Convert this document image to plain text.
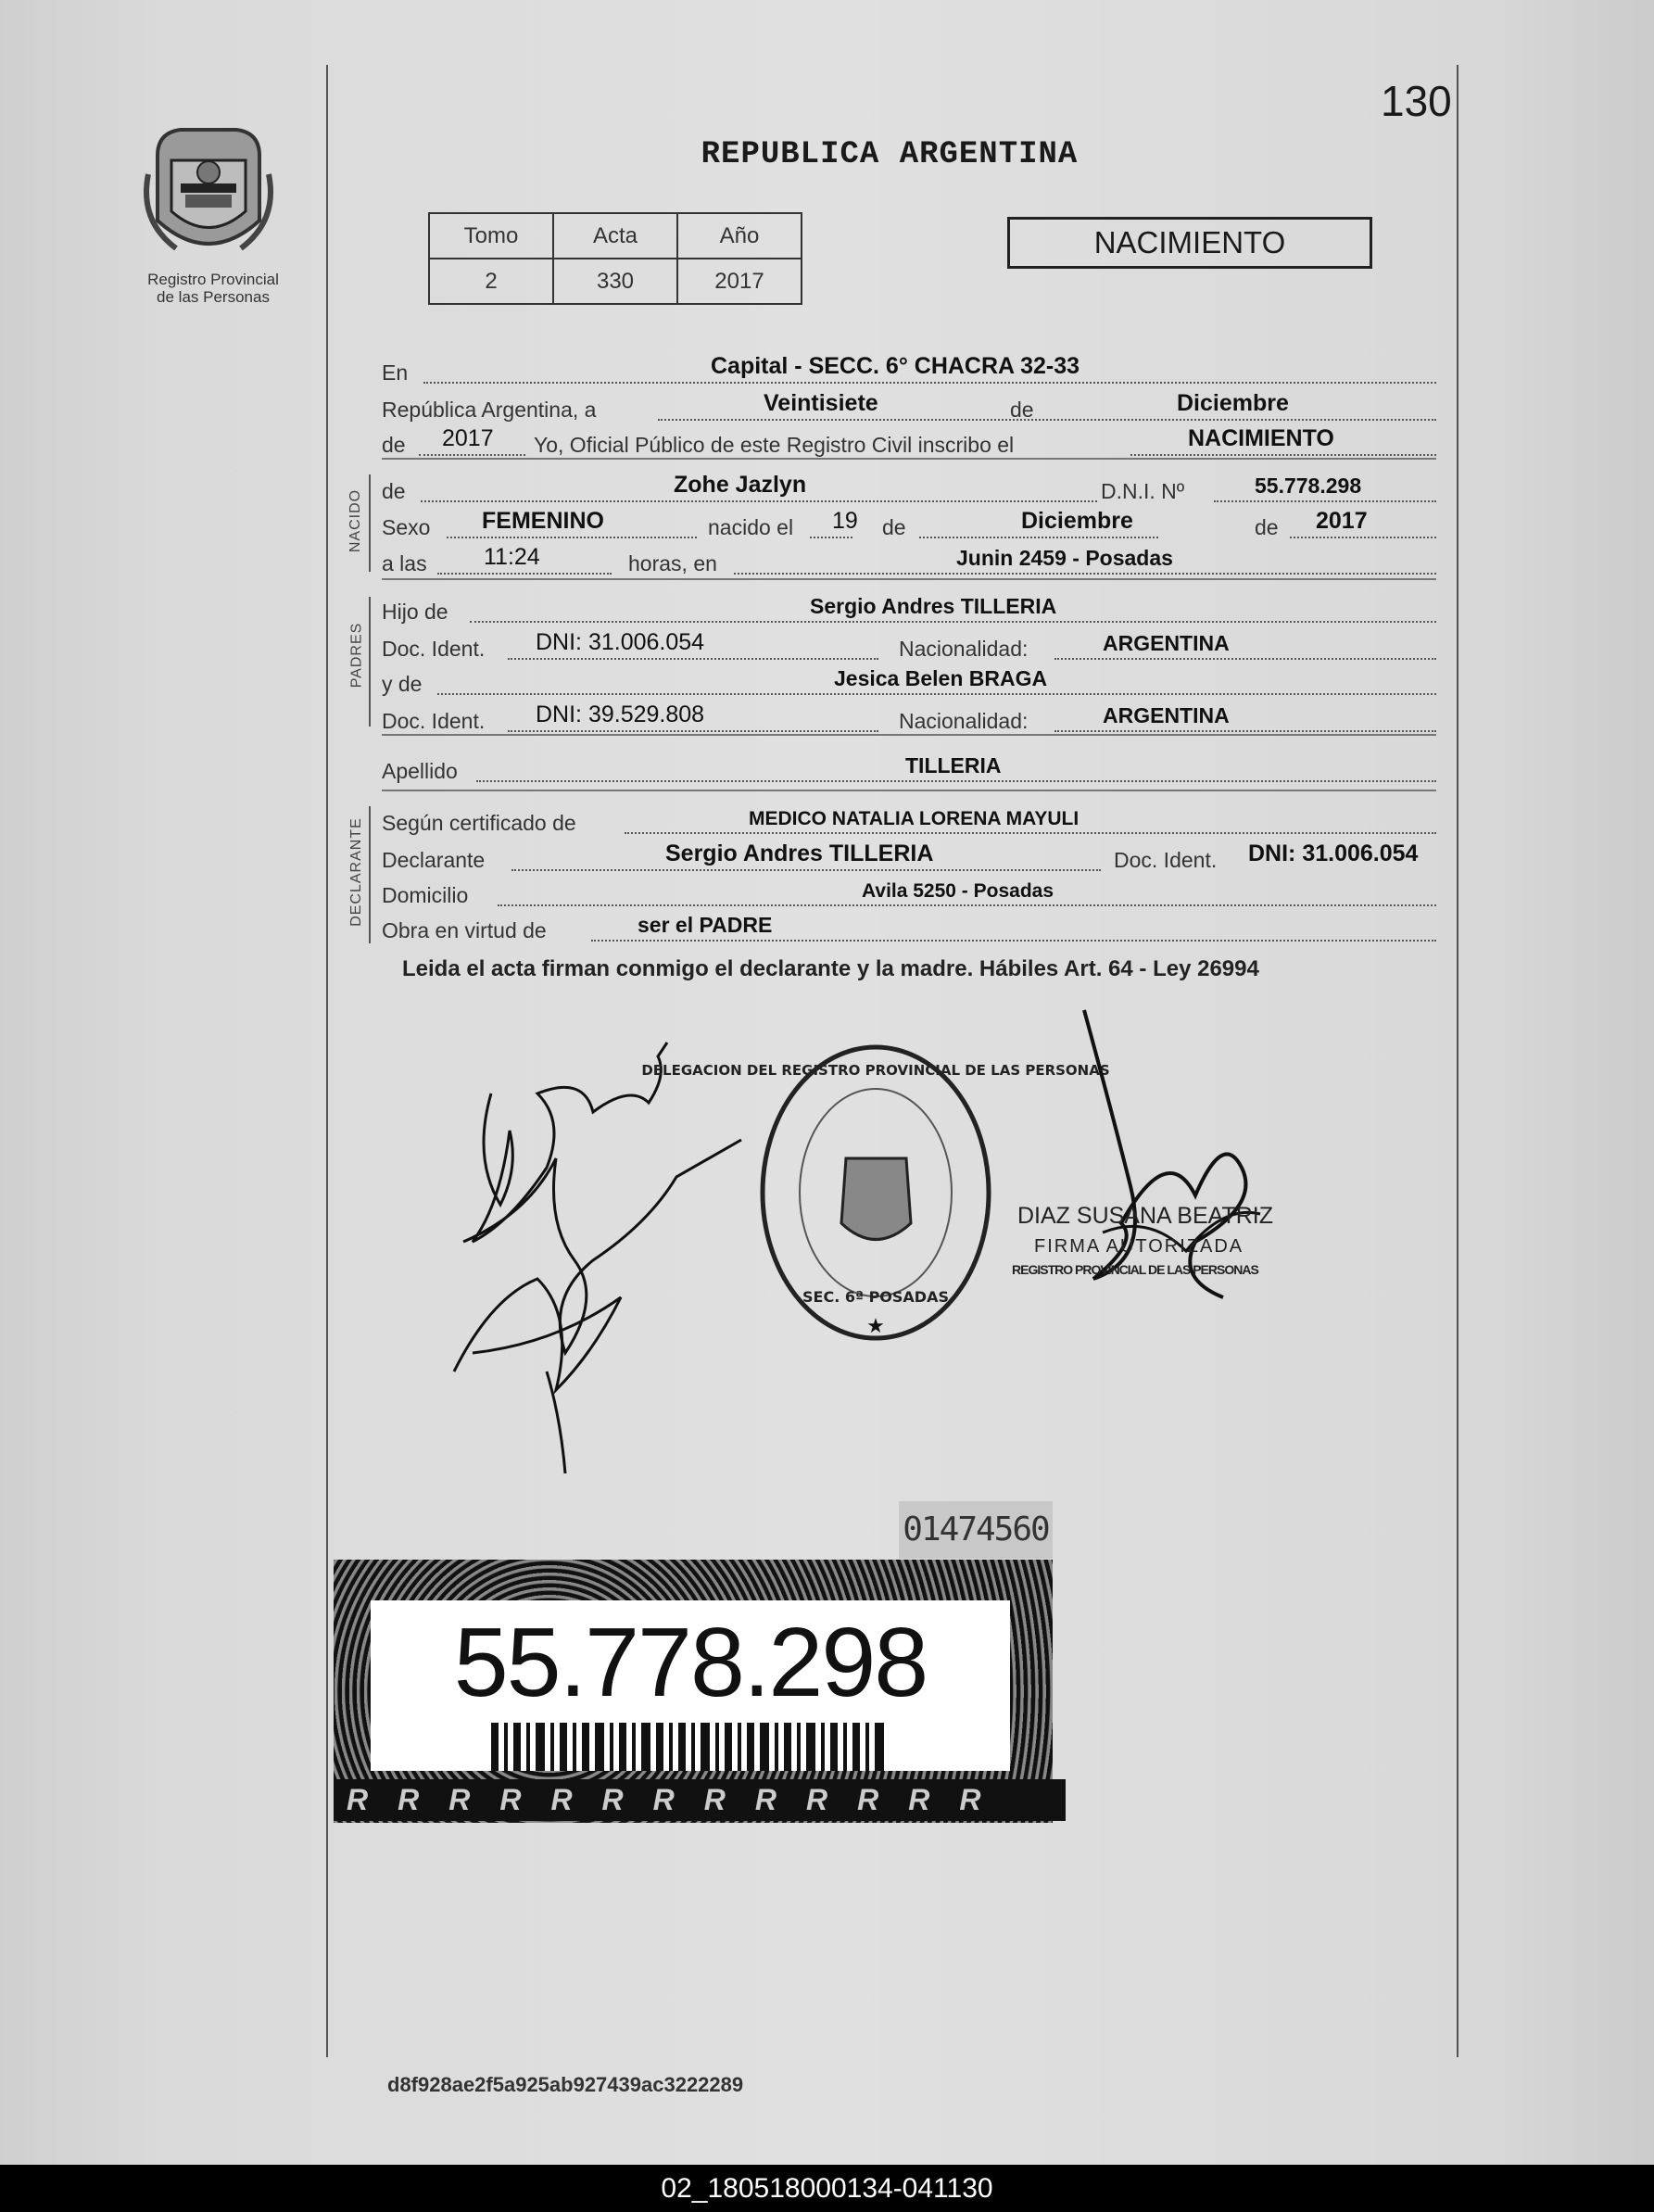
130
Registro Provincial
de las Personas
REPUBLICA ARGENTINA
Tomo	Acta	Año
2	330	2017
NACIMIENTO
En	Capital - SECC. 6° CHACRA 32-33
República Argentina, a	Veintisiete	de	Diciembre
de 2017 Yo, Oficial Público de este Registro Civil inscribo el	NACIMIENTO
NACIDO de	Zohe Jazlyn	D.N.I. Nº	55.778.298
Sexo FEMENINO	nacido el 19 de	Diciembre	de 2017
a las 11:24	horas, en	Junin 2459 - Posadas
PADRES
Hijo de	Sergio Andres TILLERIA
Doc. Ident. DNI: 31.006.054	Nacionalidad:	ARGENTINA
y de	Jesica Belen BRAGA
Doc. Ident. DNI: 39.529.808	Nacionalidad:	ARGENTINA
Apellido	TILLERIA
DECLARANTE Según certificado de	MEDICO NATALIA LORENA MAYULI
Declarante	Sergio Andres TILLERIA	Doc. Ident. DNI: 31.006.054
Domicilio	Avila 5250 - Posadas
Obra en virtud de	ser el PADRE
Leida el acta firman conmigo el declarante y la madre. Hábiles Art. 64 - Ley 26994
DELEGACION DEL REGISTRO PROVINCIAL DE LAS PERSONAS
SEC. 6ª POSADAS
★
DIAZ SUSANA BEATRIZ
FIRMA AUTORIZADA
REGISTRO PROVINCIAL DE LAS PERSONAS
01474560
55.778.298
RRRRRRRRRRRRR
d8f928ae2f5a925ab927439ac3222289
02_180518000134-041130
